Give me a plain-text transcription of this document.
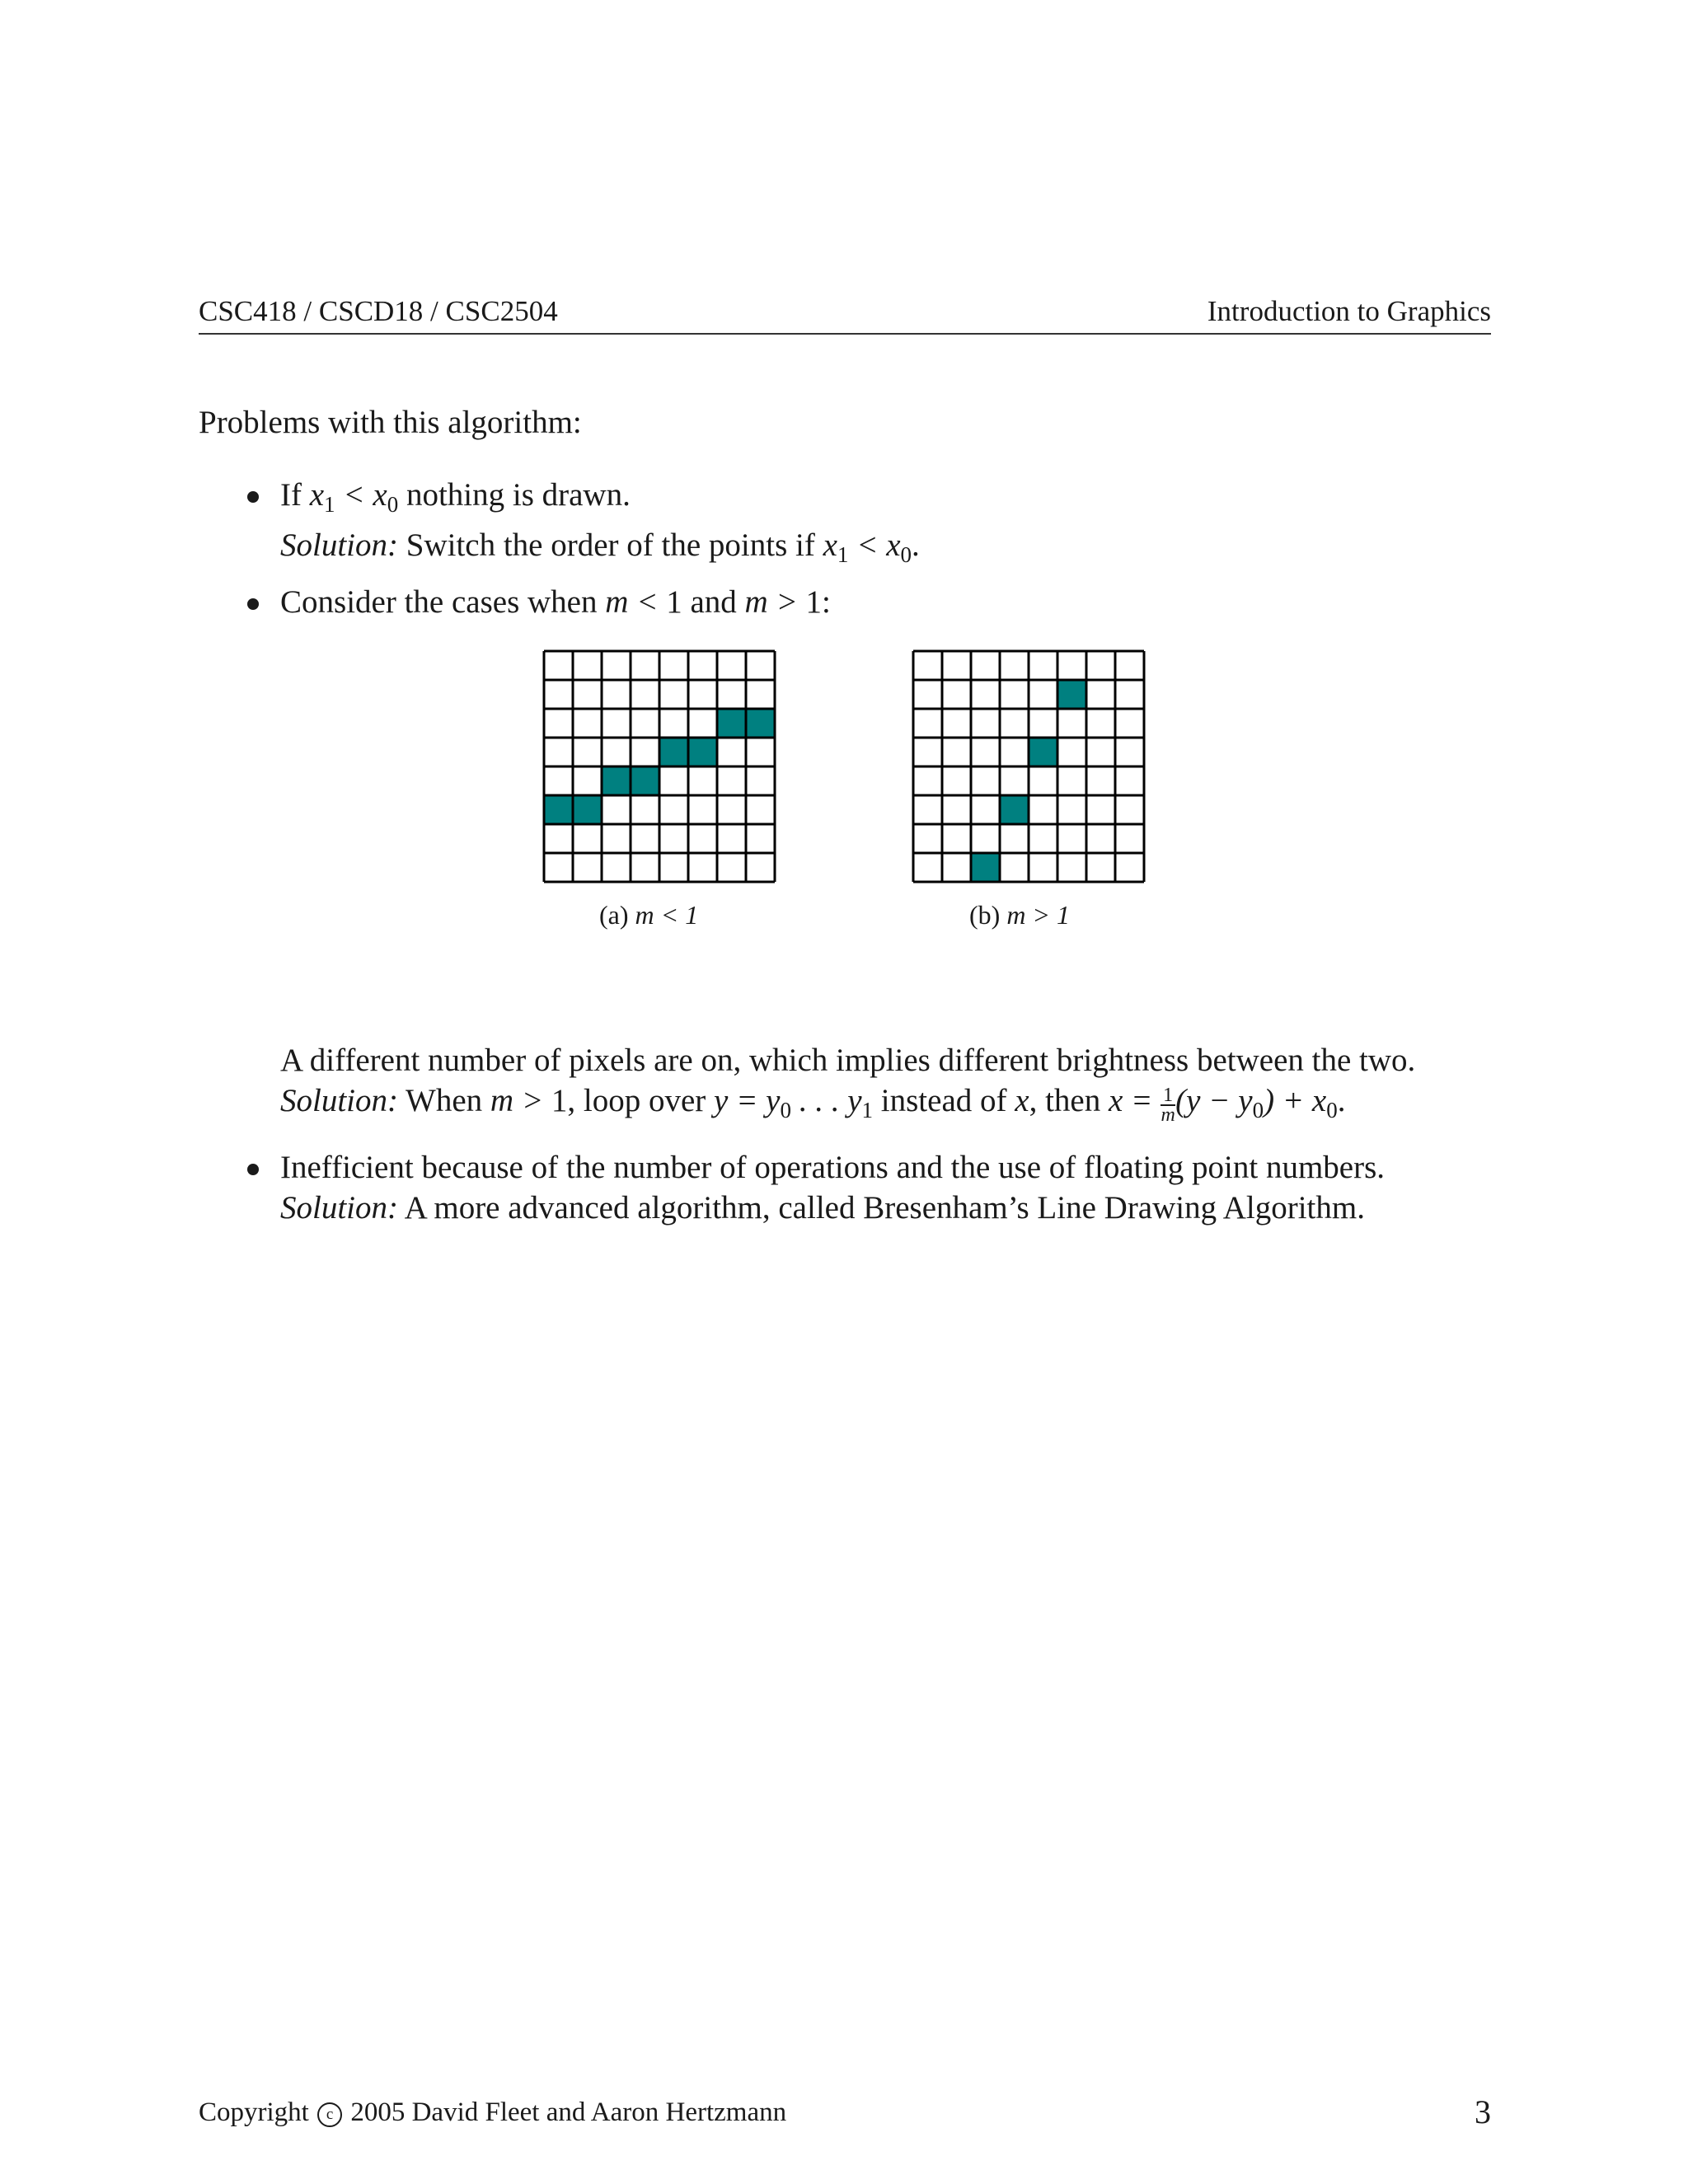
CSC418 / CSCD18 / CSC2504	Introduction to Graphics
Problems with this algorithm:
If $x_1 < x_0$ nothing is drawn.
Solution: Switch the order of the points if $x_1 < x_0$.
Consider the cases when m < 1 and m > 1:
(a) m < 1	(b) m > 1
A different number of pixels are on, which implies different brightness between the two.
Solution: When m > 1, loop over $y = y_0$ . . . $y_1$ instead of x, then $x = \frac{1}{m} (y - y_0) + x_0$.
Inefficient because of the number of operations and the use of floating point numbers.
Solution: A more advanced algorithm, called Bresenham’s Line Drawing Algorithm.
Copyright c 2005 David Fleet and Aaron Hertzmann	3
